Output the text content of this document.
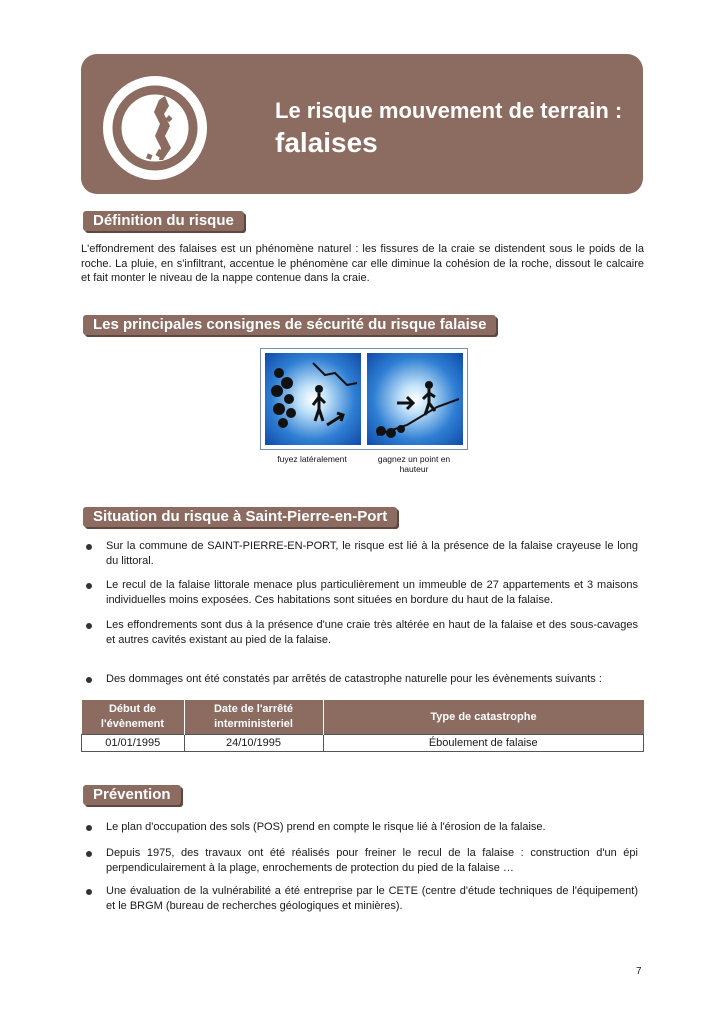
Le risque mouvement de terrain :
falaises
Définition du risque
L'effondrement des falaises est un phénomène naturel : les fissures de la craie se distendent sous le poids de la roche. La pluie, en s'infiltrant, accentue le phénomène car elle diminue la cohésion de la roche, dissout le calcaire et fait monter le niveau de la nappe contenue dans la craie.
Les principales consignes de sécurité du risque falaise
fuyez latéralement	gagnez un point en hauteur
Situation du risque à Saint-Pierre-en-Port
Sur la commune de SAINT-PIERRE-EN-PORT, le risque est lié à la présence de la falaise crayeuse le long du littoral.
Le recul de la falaise littorale menace plus particulièrement un immeuble de 27 appartements et 3 maisons individuelles moins exposées. Ces habitations sont situées en bordure du haut de la falaise.
Les effondrements sont dus à la présence d'une craie très altérée en haut de la falaise et des sous-cavages et autres cavités existant au pied de la falaise.
Des dommages ont été constatés par arrêtés de catastrophe naturelle pour les évènements suivants :
Début de l'évènement	Date de l'arrêté interministeriel	Type de catastrophe
01/01/1995	24/10/1995	Éboulement de falaise
Prévention
Le plan d'occupation des sols (POS) prend en compte le risque lié à l'érosion de la falaise.
Depuis 1975, des travaux ont été réalisés pour freiner le recul de la falaise : construction d'un épi perpendiculairement à la plage, enrochements de protection du pied de la falaise …
Une évaluation de la vulnérabilité a été entreprise par le CETE (centre d'étude techniques de l'équipement) et le BRGM (bureau de recherches géologiques et minières).
7
